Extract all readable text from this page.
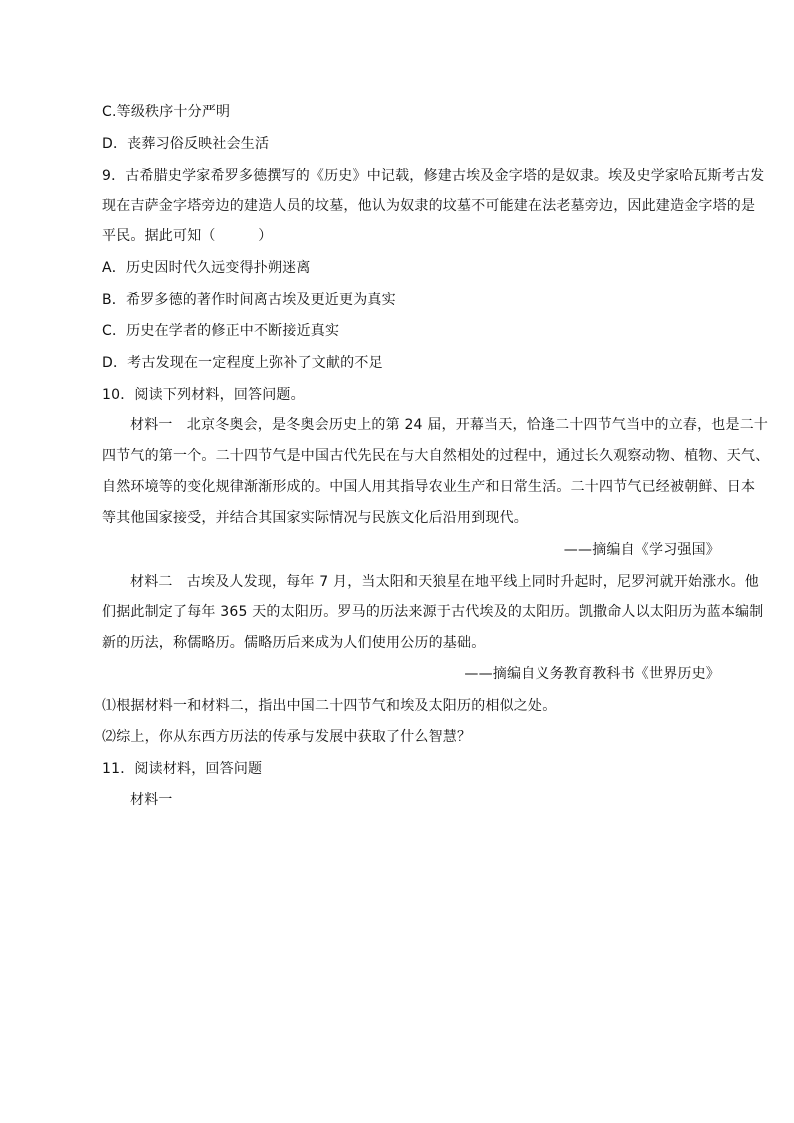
C.等级秩序十分严明
D．丧葬习俗反映社会生活
9．古希腊史学家希罗多德撰写的《历史》中记载，修建古埃及金字塔的是奴隶。埃及史学家哈瓦斯考古发
现在吉萨金字塔旁边的建造人员的坟墓，他认为奴隶的坟墓不可能建在法老墓旁边，因此建造金字塔的是
平民。据此可知（　　　）
A．历史因时代久远变得扑朔迷离
B．希罗多德的著作时间离古埃及更近更为真实
C．历史在学者的修正中不断接近真实
D．考古发现在一定程度上弥补了文献的不足
10．阅读下列材料，回答问题。
材料一　北京冬奥会，是冬奥会历史上的第 24 届，开幕当天，恰逢二十四节气当中的立春，也是二十
四节气的第一个。二十四节气是中国古代先民在与大自然相处的过程中，通过长久观察动物、植物、天气、
自然环境等的变化规律渐渐形成的。中国人用其指导农业生产和日常生活。二十四节气已经被朝鲜、日本
等其他国家接受，并结合其国家实际情况与民族文化后沿用到现代。
——摘编自《学习强国》
材料二　古埃及人发现，每年 7 月，当太阳和天狼星在地平线上同时升起时，尼罗河就开始涨水。他
们据此制定了每年 365 天的太阳历。罗马的历法来源于古代埃及的太阳历。凯撒命人以太阳历为蓝本编制
新的历法，称儒略历。儒略历后来成为人们使用公历的基础。
——摘编自义务教育教科书《世界历史》
⑴根据材料一和材料二，指出中国二十四节气和埃及太阳历的相似之处。
⑵综上，你从东西方历法的传承与发展中获取了什么智慧？
11．阅读材料，回答问题
材料一
